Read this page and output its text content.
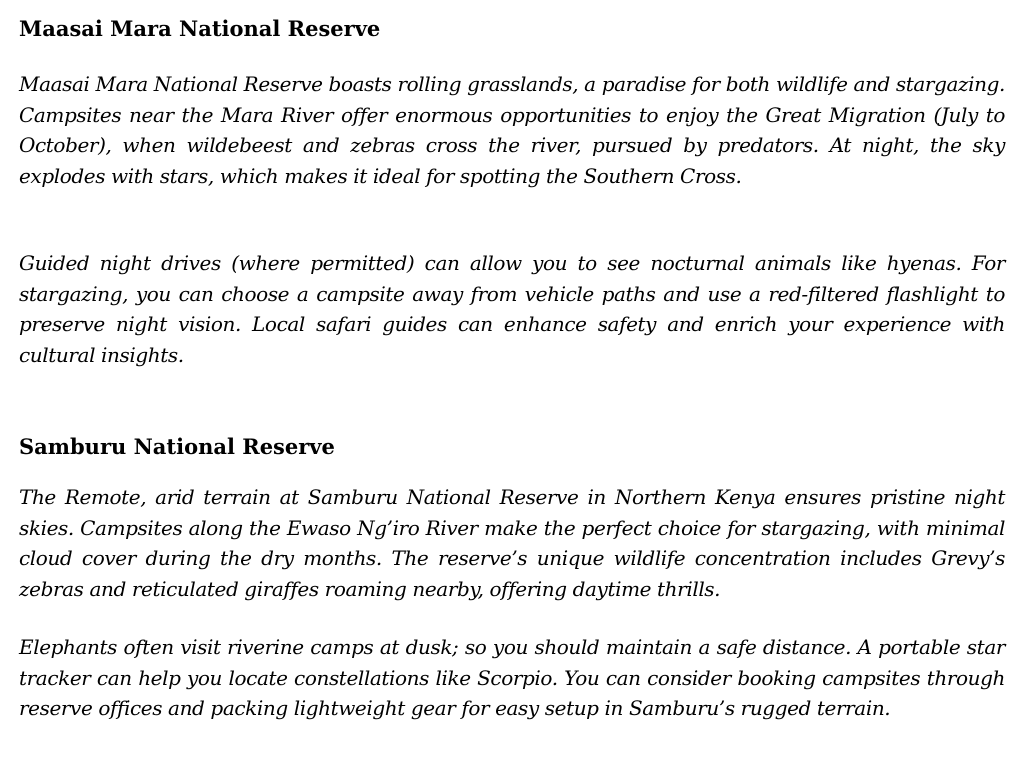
Maasai Mara National Reserve

Maasai Mara National Reserve boasts rolling grasslands, a paradise for both wildlife and stargazing. Campsites near the Mara River offer enormous opportunities to enjoy the Great Migration (July to October), when wildebeest and zebras cross the river, pursued by predators. At night, the sky explodes with stars, which makes it ideal for spotting the Southern Cross.

Guided night drives (where permitted) can allow you to see nocturnal animals like hyenas. For stargazing, you can choose a campsite away from vehicle paths and use a red-filtered flashlight to preserve night vision. Local safari guides can enhance safety and enrich your experience with cultural insights.

Samburu National Reserve

The Remote, arid terrain at Samburu National Reserve in Northern Kenya ensures pristine night skies. Campsites along the Ewaso Ng’iro River make the perfect choice for stargazing, with minimal cloud cover during the dry months. The reserve’s unique wildlife concentration includes Grevy’s zebras and reticulated giraffes roaming nearby, offering daytime thrills.

Elephants often visit riverine camps at dusk; so you should maintain a safe distance. A portable star tracker can help you locate constellations like Scorpio. You can consider booking campsites through reserve offices and packing lightweight gear for easy setup in Samburu’s rugged terrain.
